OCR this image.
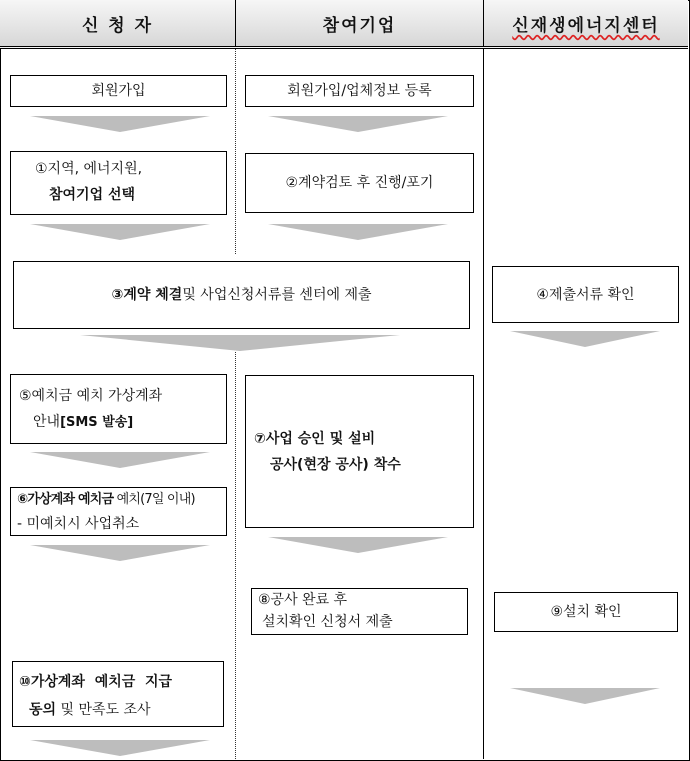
신 청 자	참여기업	신재생에너지센터
회원가입	회원가입/업체정보 등록
①지역, 에너지원,
참여기업 선택
②계약검토 후 진행/포기
③계약 체결 및 사업신청서류를 센터에 제출	④제출서류 확인
⑤예치금 예치 가상계좌
안내[SMS 발송]
⑦사업 승인 및 설비
공사(현장 공사) 착수
⑥가상계좌 예치금 예치(7일 이내)
- 미예치시 사업취소
⑧공사 완료 후
설치확인 신청서 제출
⑨설치 확인
⑩가상계좌  예치금  지급
동의 및 만족도 조사
